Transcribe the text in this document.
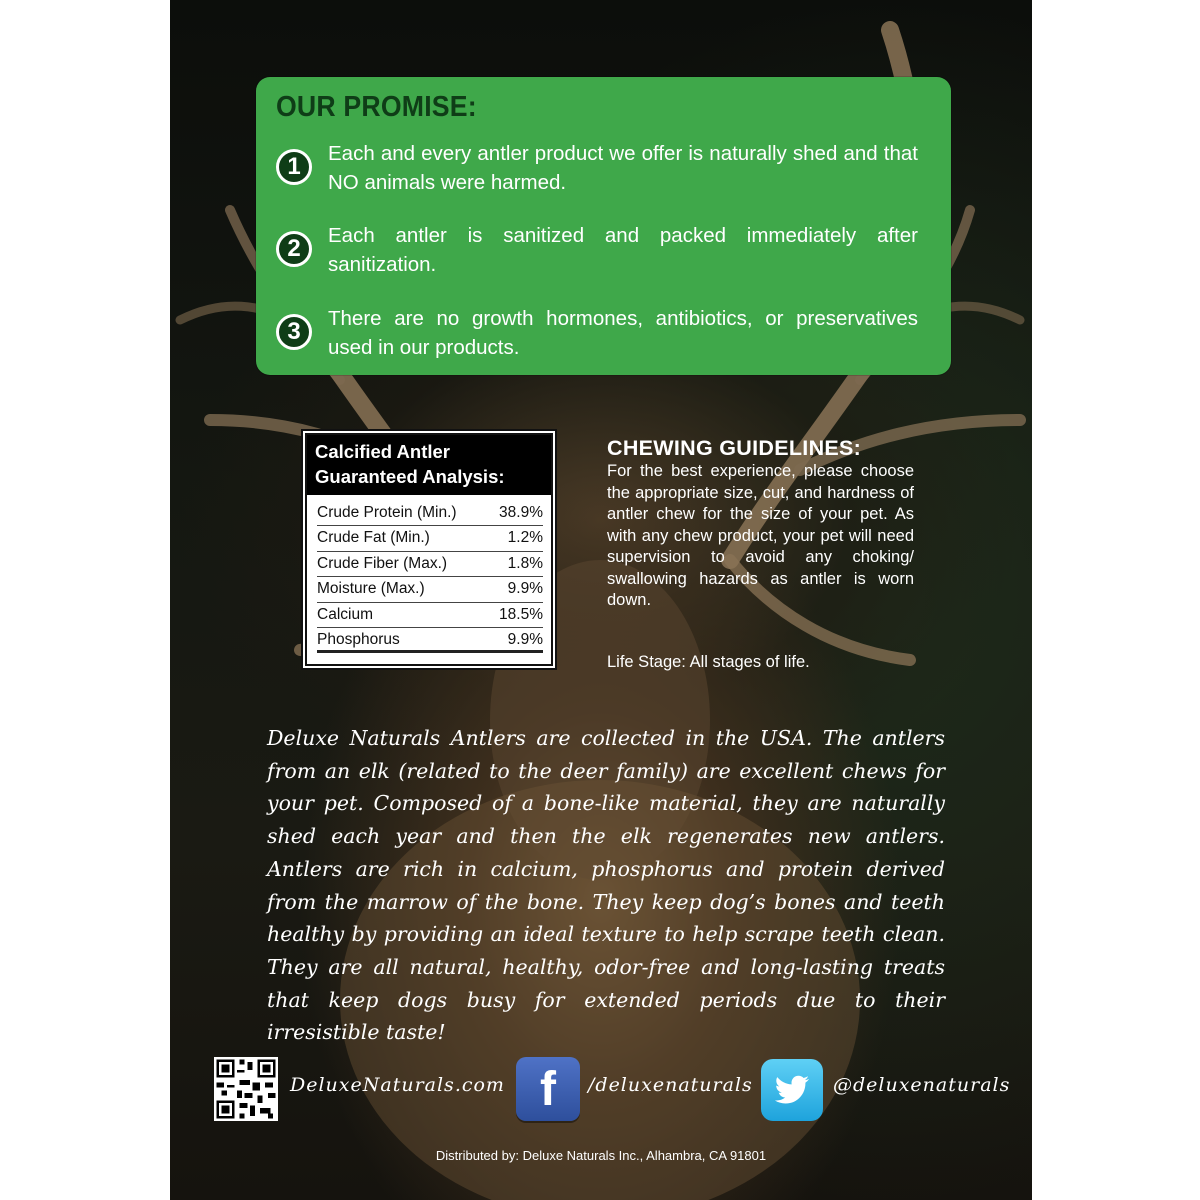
OUR PROMISE:
1	Each and every antler product we offer is naturally shed and that NO animals were harmed.
2	Each antler is sanitized and packed immediately after sanitization.
3	There are no growth hormones, antibiotics, or preservatives used in our products.
Calcified Antler
Guaranteed Analysis:
Crude Protein (Min.)	38.9%
Crude Fat (Min.)	1.2%
Crude Fiber (Max.)	1.8%
Moisture (Max.)	9.9%
Calcium	18.5%
Phosphorus	9.9%
CHEWING GUIDELINES:
For the best experience, please choose the appropriate size, cut, and hardness of antler chew for the size of your pet. As with any chew product, your pet will need supervision to avoid any choking/ swallowing hazards as antler is worn down.
Life Stage: All stages of life.
Deluxe Naturals Antlers are collected in the USA. The antlers from an elk (related to the deer family) are excellent chews for your pet. Composed of a bone-like material, they are naturally shed each year and then the elk regenerates new antlers. Antlers are rich in calcium, phosphorus and protein derived from the marrow of the bone. They keep dog’s bones and teeth healthy by providing an ideal texture to help scrape teeth clean. They are all natural, healthy, odor-free and long-lasting treats that keep dogs busy for extended periods due to their irresistible taste!
DeluxeNaturals.com f	/deluxenaturals	@deluxenaturals
Distributed by: Deluxe Naturals Inc., Alhambra, CA 91801
